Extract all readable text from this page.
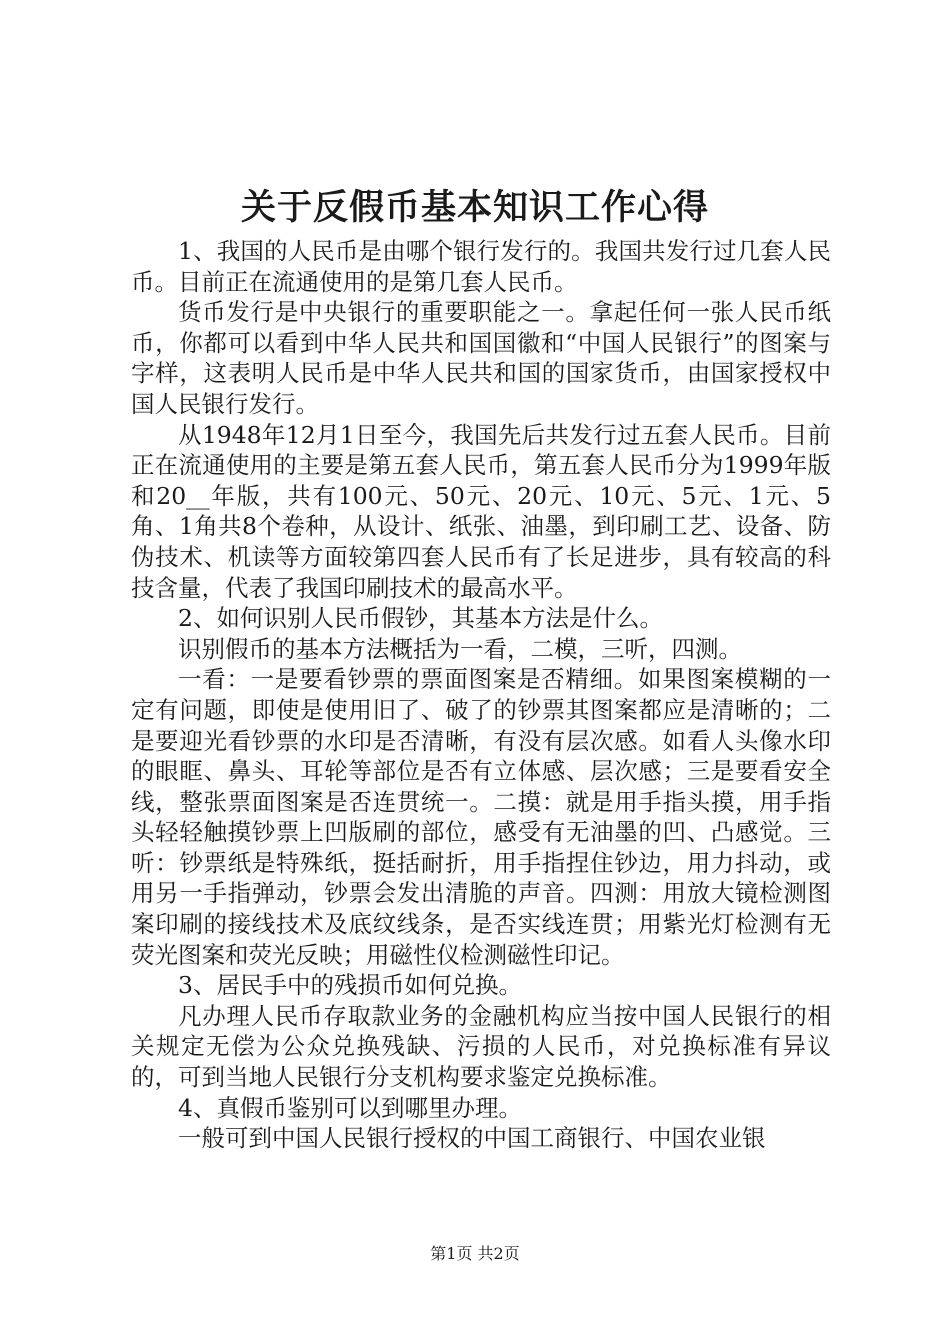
关于反假币基本知识工作心得

1、我国的人民币是由哪个银行发行的。我国共发行过几套人民币。目前正在流通使用的是第几套人民币。

货币发行是中央银行的重要职能之一。拿起任何一张人民币纸币，你都可以看到中华人民共和国国徽和“中国人民银行”的图案与字样，这表明人民币是中华人民共和国的国家货币，由国家授权中国人民银行发行。

从1948年12月1日至今，我国先后共发行过五套人民币。目前正在流通使用的主要是第五套人民币，第五套人民币分为1999年版和20__年版，共有100元、50元、20元、10元、5元、1元、5角、1角共8个卷种，从设计、纸张、油墨，到印刷工艺、设备、防伪技术、机读等方面较第四套人民币有了长足进步，具有较高的科技含量，代表了我国印刷技术的最高水平。

2、如何识别人民币假钞，其基本方法是什么。

识别假币的基本方法概括为一看，二模，三听，四测。

一看：一是要看钞票的票面图案是否精细。如果图案模糊的一定有问题，即使是使用旧了、破了的钞票其图案都应是清晰的；二是要迎光看钞票的水印是否清晰，有没有层次感。如看人头像水印的眼眶、鼻头、耳轮等部位是否有立体感、层次感；三是要看安全线，整张票面图案是否连贯统一。二摸：就是用手指头摸，用手指头轻轻触摸钞票上凹版刷的部位，感受有无油墨的凹、凸感觉。三听：钞票纸是特殊纸，挺括耐折，用手指捏住钞边，用力抖动，或用另一手指弹动，钞票会发出清脆的声音。四测：用放大镜检测图案印刷的接线技术及底纹线条，是否实线连贯；用紫光灯检测有无荧光图案和荧光反映；用磁性仪检测磁性印记。

3、居民手中的残损币如何兑换。

凡办理人民币存取款业务的金融机构应当按中国人民银行的相关规定无偿为公众兑换残缺、污损的人民币，对兑换标准有异议的，可到当地人民银行分支机构要求鉴定兑换标准。

4、真假币鉴别可以到哪里办理。

一般可到中国人民银行授权的中国工商银行、中国农业银

第1页 共2页
